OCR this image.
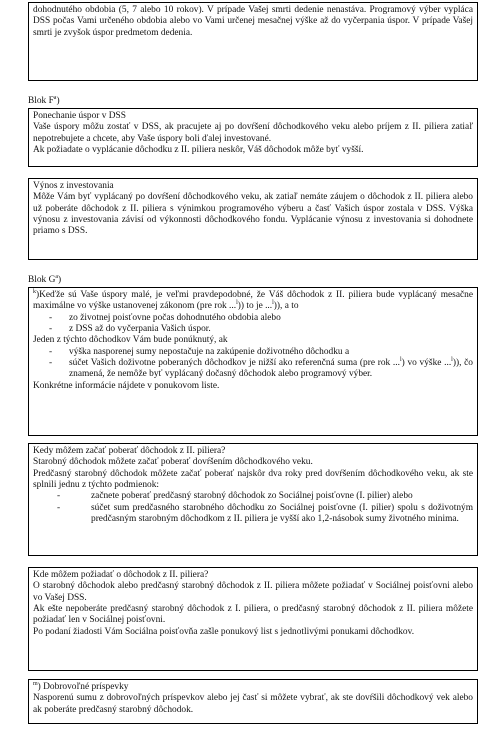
dohodnutého obdobia (5, 7 alebo 10 rokov). V prípade Vašej smrti dedenie nenastáva. Programový výber vypláca DSS počas Vami určeného obdobia alebo vo Vami určenej mesačnej výške až do vyčerpania úspor. V prípade Vašej smrti je zvyšok úspor predmetom dedenia.

Blok $F^a$)

Ponechanie úspor v DSS

Vaše úspory môžu zostať v DSS, ak pracujete aj po dovŕšení dôchodkového veku alebo príjem z II. piliera zatiaľ nepotrebujete a chcete, aby Vaše úspory boli ďalej investované.

Ak požiadate o vyplácanie dôchodku z II. piliera neskôr, Váš dôchodok môže byť vyšší.

Výnos z investovania

Môže Vám byť vyplácaný po dovŕšení dôchodkového veku, ak zatiaľ nemáte záujem o dôchodok z II. piliera alebo už poberáte dôchodok z II. piliera s výnimkou programového výberu a časť Vašich úspor zostala v DSS. Výška výnosu z investovania závisí od výkonnosti dôchodkového fondu. Vyplácanie výnosu z investovania si dohodnete priamo s DSS.

Blok $G^a$)

$^k$)Keďže sú Vaše úspory malé, je veľmi pravdepodobné, že Váš dôchodok z II. piliera bude vyplácaný mesačne maximálne vo výške ustanovenej zákonom (pre rok ...$^l$)) to je ...$^l$)), a to

- zo životnej poisťovne počas dohodnutého obdobia alebo

- z DSS až do vyčerpania Vašich úspor.

Jeden z týchto dôchodkov Vám bude ponúknutý, ak

- výška nasporenej sumy nepostačuje na zakúpenie doživotného dôchodku a

- súčet Vašich doživotne poberaných dôchodkov je nižší ako referenčná suma (pre rok ...$^l$) vo výške ...$^l$)), čo znamená, že nemôže byť vyplácaný dočasný dôchodok alebo programový výber.

Konkrétne informácie nájdete v ponukovom liste.

Kedy môžem začať poberať dôchodok z II. piliera?

Starobný dôchodok môžete začať poberať dovŕšením dôchodkového veku.

Predčasný starobný dôchodok môžete začať poberať najskôr dva roky pred dovŕšením dôchodkového veku, ak ste splnili jednu z týchto podmienok:

-	začnete poberať predčasný starobný dôchodok zo Sociálnej poisťovne (I. pilier) alebo

-	súčet sum predčasného starobného dôchodku zo Sociálnej poisťovne (I. pilier) spolu s doživotným predčasným starobným dôchodkom z II. piliera je vyšší ako 1,2-násobok sumy životného minima.

Kde môžem požiadať o dôchodok z II. piliera?

O starobný dôchodok alebo predčasný starobný dôchodok z II. piliera môžete požiadať v Sociálnej poisťovni alebo vo Vašej DSS.

Ak ešte nepoberáte predčasný starobný dôchodok z I. piliera, o predčasný starobný dôchodok z II. piliera môžete požiadať len v Sociálnej poisťovni.

Po podaní žiadosti Vám Sociálna poisťovňa zašle ponukový list s jednotlivými ponukami dôchodkov.

$^m$) Dobrovoľné príspevky

Nasporenú sumu z dobrovoľných príspevkov alebo jej časť si môžete vybrať, ak ste dovŕšili dôchodkový vek alebo ak poberáte predčasný starobný dôchodok.
